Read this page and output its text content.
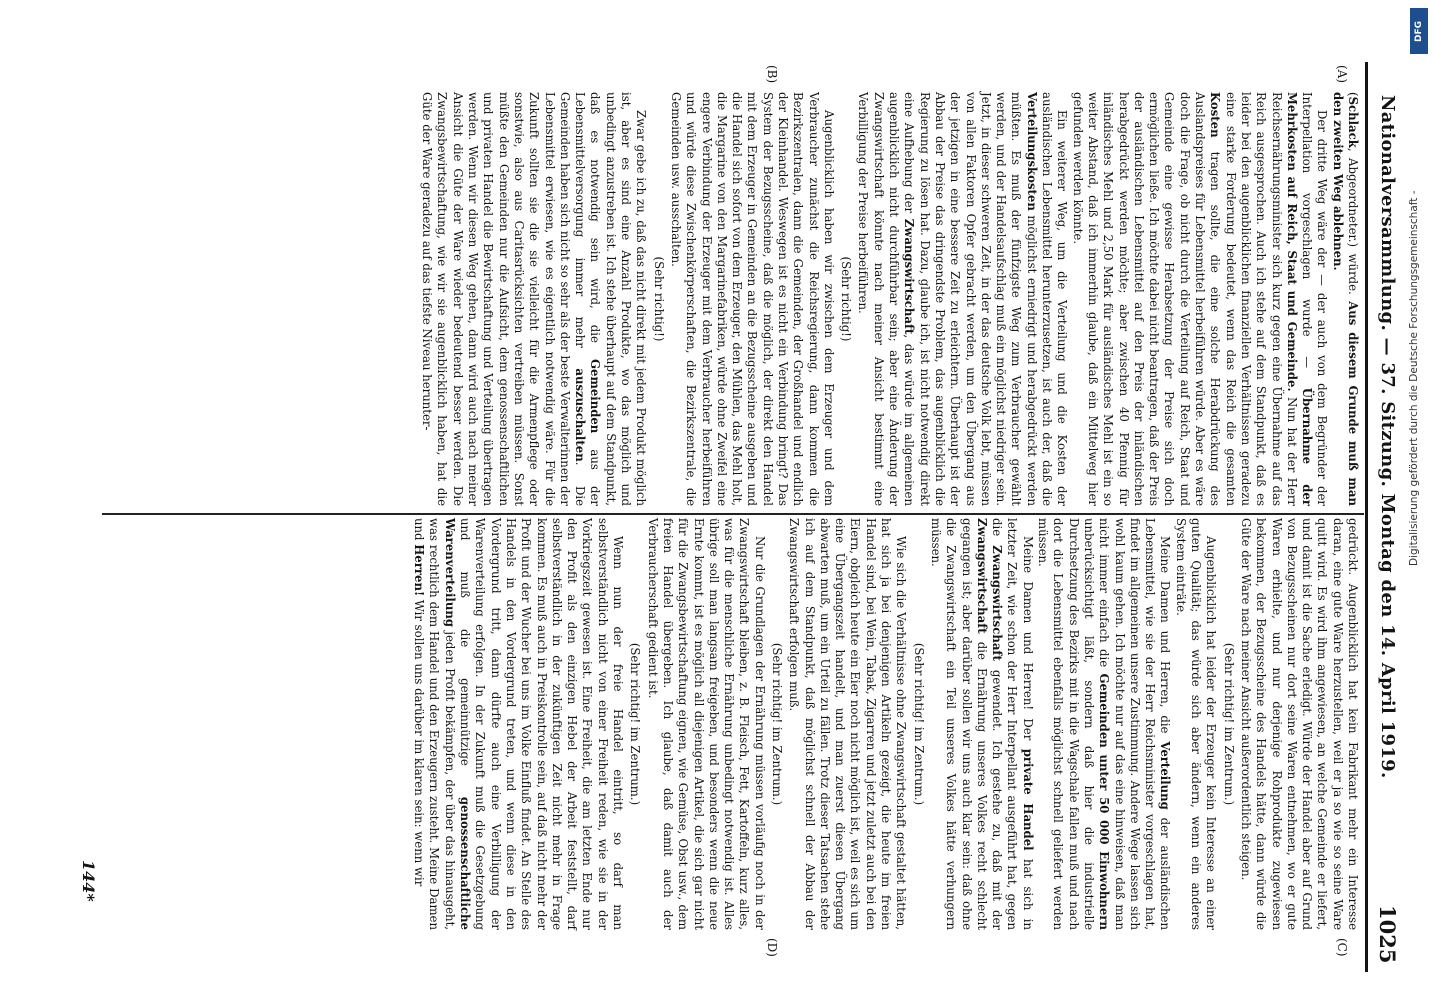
Nationalversammlung. — 37. Sitzung. Montag den 14. April 1919.
1025
(A)
(B)
(C)
(D)

(Schlack, Abgeordneter.) würde. Aus diesem Grunde muß man den zweiten Weg ablehnen.

Der dritte Weg wäre der — der auch von dem Begründer der Interpellation vorgeschlagen wurde — Übernahme der Mehrkosten auf Reich, Staat und Gemeinde. Nun hat der Herr Reichsernährungsminister sich kurz gegen eine Übernahme auf das Reich ausgesprochen. Auch ich stehe auf dem Standpunkt, daß es leider bei den augenblicklichen finanziellen Verhältnissen geradezu eine starke Forderung bedeutet, wenn das Reich die gesamten Kosten tragen sollte, die eine solche Herabdrückung des Auslandspreises für Lebensmittel herbeiführen würde. Aber es wäre doch die Frage, ob nicht durch die Verteilung auf Reich, Staat und Gemeinde eine gewisse Herabsetzung der Preise sich doch ermöglichen ließe. Ich möchte dabei nicht beantragen, daß der Preis der ausländischen Lebensmittel auf den Preis der inländischen herabgedrückt werden möchte; aber zwischen 40 Pfennig für inländisches Mehl und 2,50 Mark für ausländisches Mehl ist ein so weiter Abstand, daß ich immerhin glaube, daß ein Mittelweg hier gefunden werden könnte.

Ein weiterer Weg, um die Verteilung und die Kosten der ausländischen Lebensmittel herunterzusetzen, ist auch der, daß die Verteilungskosten möglichst erniedrigt und herabgedrückt werden müßten. Es muß der fünfzigste Weg zum Verbraucher gewählt werden, und der Handelsaufschlag muß ein möglichst niedriger sein. Jetzt, in dieser schweren Zeit, in der das deutsche Volk lebt, müssen von allen Faktoren Opfer gebracht werden, um den Übergang aus der jetzigen in eine bessere Zeit zu erleichtern. Überhaupt ist der Abbau der Preise das dringendste Problem, das augenblicklich die Regierung zu lösen hat. Dazu, glaube ich, ist nicht notwendig direkt eine Aufhebung der Zwangswirtschaft, das würde im allgemeinen augenblicklich nicht durchführbar sein; aber eine Änderung der Zwangswirtschaft könnte nach meiner Ansicht bestimmt eine Verbilligung der Preise herbeiführen.

(Sehr richtig!)

Augenblicklich haben wir zwischen dem Erzeuger und dem Verbraucher zunächst die Reichsregierung, dann kommen die Bezirkszentralen, dann die Gemeinden, der Großhandel und endlich der Kleinhandel. Weswegen ist es nicht ein Verbindung bringt? Das System der Bezugsscheine, daß die möglich, der direkt den Handel mit dem Erzeuger in Gemeinden an die Bezugsscheine ausgeben und die Handel sich sofort von dem Erzeuger, den Mühlen, das Mehl holt, die Margarine von den Margarinefabriken, würde ohne Zweifel eine engere Verbindung der Erzeuger mit dem Verbraucher herbeiführen und würde diese Zwischenkörperschaften, die Bezirkszentrale, die Gemeinden usw. ausschalten.

(Sehr richtig!)

Zwar gebe ich zu, daß das nicht direkt mit jedem Produkt möglich ist, aber es sind eine Anzahl Produkte, wo das möglich und unbedingt anzustreben ist. Ich stehe überhaupt auf dem Standpunkt, daß es notwendig sein wird, die Gemeinden aus der Lebensmittelversorgung immer mehr auszuschalten. Die Gemeinden haben sich nicht so sehr als der beste Verwalterinnen der Lebensmittel erwiesen, wie es eigentlich notwendig wäre. Für die Zukunft sollten sie die sie vielleicht für die Armenpflege oder sonstwie, also aus Caritasrücksichten vertreiben müssen. Sonst müßte den Gemeinden nur die Aufsicht, dem genossenschaftlichen und privaten Handel die Bewirtschaftung und Verteilung übertragen werden. Wenn wir diesen Weg gehen, dann wird auch nach meiner Ansicht die Güte der Ware wieder bedeutend besser werden. Die Zwangsbewirtschaftung, wie wir sie augenblicklich haben, hat die Güte der Ware geradezu auf das tiefste Niveau herunter-

gedrückt. Augenblicklich hat kein Fabrikant mehr ein Interesse daran, eine gute Ware herzustellen, weil er ja so wie so seine Ware quitt wird. Es wird ihm angewiesen, an welche Gemeinde er liefert, und damit ist die Sache erledigt. Würde der Handel aber auf Grund von Bezugsscheinen nur dort seine Waren entnehmen, wo er gute Waren erhielte, und nur derjenige Rohprodukte zugewiesen bekommen, der Bezugsscheine des Handels hätte, dann würde die Güte der Ware nach meiner Ansicht außerordentlich steigen.

(Sehr richtig! im Zentrum.)

Augenblicklich hat leider der Erzeuger kein Interesse an einer guten Qualität; das würde sich aber ändern, wenn ein anderes System einträte.

Meine Damen und Herren, die Verteilung der ausländischen Lebensmittel, wie sie der Herr Reichsminister vorgeschlagen hat, findet im allgemeinen unsere Zustimmung. Andere Wege lassen sich wohl kaum gehen. Ich möchte nur auf das eine hinweisen, daß man nicht immer einfach die Gemeinden unter 50 000 Einwohnern unberücksichtigt läßt, sondern daß hier die industrielle Durchsetzung des Bezirks mit in die Wagschale fallen muß und nach dort die Lebensmittel ebenfalls möglichst schnell geliefert werden müssen.

Meine Damen und Herren! Der private Handel hat sich in letzter Zeit, wie schon der Herr Interpellant ausgeführt hat, gegen die Zwangswirtschaft gewendet. Ich gestehe zu, daß mit der Zwangswirtschaft die Ernährung unseres Volkes recht schlecht gegangen ist; aber darüber sollen wir uns auch klar sein: daß ohne die Zwangswirtschaft ein Teil unseres Volkes hätte verhungern müssen.

(Sehr richtig! im Zentrum.)

Wie sich die Verhältnisse ohne Zwangswirtschaft gestaltet hätten, hat sich ja bei denjenigen Artikeln gezeigt, die heute im freien Handel sind, bei Wein, Tabak, Zigarren und jetzt zuletzt auch bei den Eiern, obgleich heute ein Eier noch nicht möglich ist, weil es sich um eine Übergangszeit handelt, und man zuerst diesen Übergang abwarten muß, um ein Urteil zu fällen. Trotz dieser Tatsachen stehe ich auf dem Standpunkt, daß möglichst schnell der Abbau der Zwangswirtschaft erfolgen muß.

(Sehr richtig! im Zentrum.)

Nur die Grundlagen der Ernährung müssen vorläufig noch in der Zwangswirtschaft bleiben, z. B. Fleisch, Fett, Kartoffeln, kurz alles, was für die menschliche Ernährung unbedingt notwendig ist. Alles übrige soll man langsam freigeben, und besonders wenn die neue Ernte kommt, ist es möglich all diejenigen Artikel, die sich gar nicht für die Zwangsbewirtschaftung eignen, wie Gemüse, Obst usw., dem freien Handel übergeben. Ich glaube, daß damit auch der Verbraucherschaft gedient ist.

(Sehr richtig! im Zentrum.)

Wenn nun der freie Handel eintritt, so darf man selbstverständlich nicht von einer Freiheit reden, wie sie in der Vorkriegszeit gewesen ist. Eine Freiheit, die am letzten Ende nur den Profit als den einzigen Hebel der Arbeit feststellt, darf selbstverständlich in der zukünftigen Zeit nicht mehr in Frage kommen. Es muß auch in Preiskontrolle sein, auf daß nicht mehr der Profit und der Wucher bei uns im Volke Einfluß findet. An Stelle des Handels in den Vordergrund treten, und wenn diese in den Vordergrund tritt, dann dürfte auch eine Verbilligung der Warenverteilung erfolgen. In der Zukunft muß die Gesetzgebung und muß die gemeinnützige genossenschaftliche Warenverteilung jeden Profit bekämpfen, der über das hinausgeht, was rechtlich dem Handel und den Erzeugern zusteht. Meine Damen und Herren! Wir sollen uns darüber im klaren sein: wenn wir

144*
DFG
Digitalisierung gefördert durch die Deutsche Forschungsgemeinschaft -
